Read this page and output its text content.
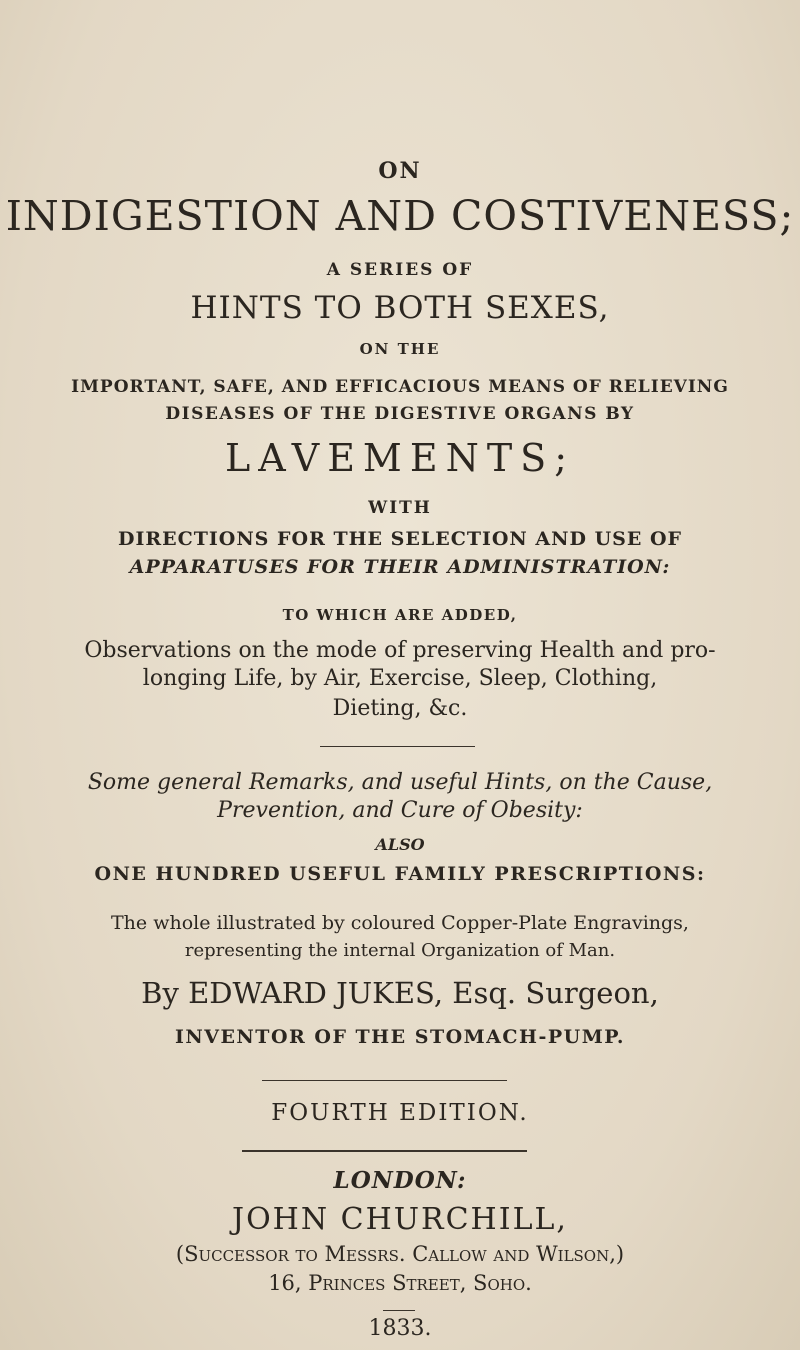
ON
INDIGESTION AND COSTIVENESS;
A SERIES OF
HINTS TO BOTH SEXES,
ON THE
IMPORTANT, SAFE, AND EFFICACIOUS MEANS OF RELIEVING
DISEASES OF THE DIGESTIVE ORGANS BY
LAVEMENTS;
WITH
DIRECTIONS FOR THE SELECTION AND USE OF
APPARATUSES FOR THEIR ADMINISTRATION:
TO WHICH ARE ADDED,
Observations on the mode of preserving Health and pro-
longing Life, by Air, Exercise, Sleep, Clothing,
Dieting, &c.
Some general Remarks, and useful Hints, on the Cause,
Prevention, and Cure of Obesity:
ALSO
ONE HUNDRED USEFUL FAMILY PRESCRIPTIONS:
The whole illustrated by coloured Copper-Plate Engravings,
representing the internal Organization of Man.
By EDWARD JUKES, Esq. Surgeon,
INVENTOR OF THE STOMACH-PUMP.
FOURTH EDITION.
LONDON:
JOHN CHURCHILL,
(Successor to Messrs. Callow and Wilson,)
16, Princes Street, Soho.
1833.
